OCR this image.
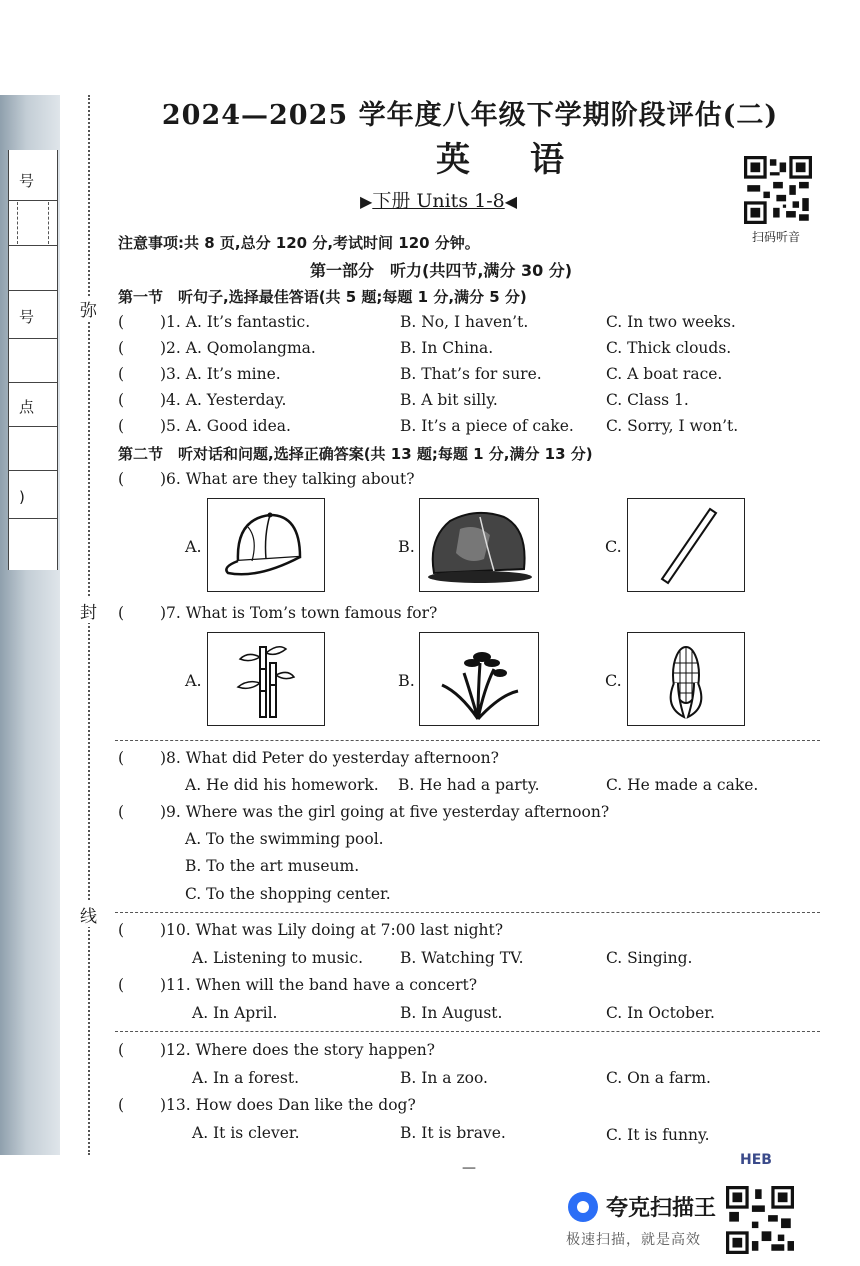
号
号
点
)
弥
封
线
2024—2025 学年度八年级下学期阶段评估(二)
英语
▶下册 Units 1-8◀
扫码听音
注意事项:共 8 页,总分 120 分,考试时间 120 分钟。
第一部分　听力(共四节,满分 30 分)
第一节　听句子,选择最佳答语(共 5 题;每题 1 分,满分 5 分)
( )1. A. It’s fantastic.	B. No, I haven’t.	C. In two weeks.
( )2. A. Qomolangma.	B. In China.	C. Thick clouds.
( )3. A. It’s mine.	B. That’s for sure.	C. A boat race.
( )4. A. Yesterday.	B. A bit silly.	C. Class 1.
( )5. A. Good idea.	B. It’s a piece of cake. C. Sorry, I won’t.
第二节　听对话和问题,选择正确答案(共 13 题;每题 1 分,满分 13 分)
( )6. What are they talking about?
A.	B.	C.
( )7. What is Tom’s town famous for?
A.	B.	C.
( )8. What did Peter do yesterday afternoon?
A. He did his homework. B. He had a party.	C. He made a cake.
( )9. Where was the girl going at five yesterday afternoon?
A. To the swimming pool.
B. To the art museum.
C. To the shopping center.
( )10. What was Lily doing at 7:00 last night?
A. Listening to music. B. Watching TV.	C. Singing.
( )11. When will the band have a concert?
A. In April.	B. In August.	C. In October.
( )12. Where does the story happen?
A. In a forest.	B. In a zoo.	C. On a farm.
( )13. How does Dan like the dog?
A. It is clever.	B. It is brave.	C. It is funny.
—	HEB
夸克扫描王
极速扫描，就是高效
